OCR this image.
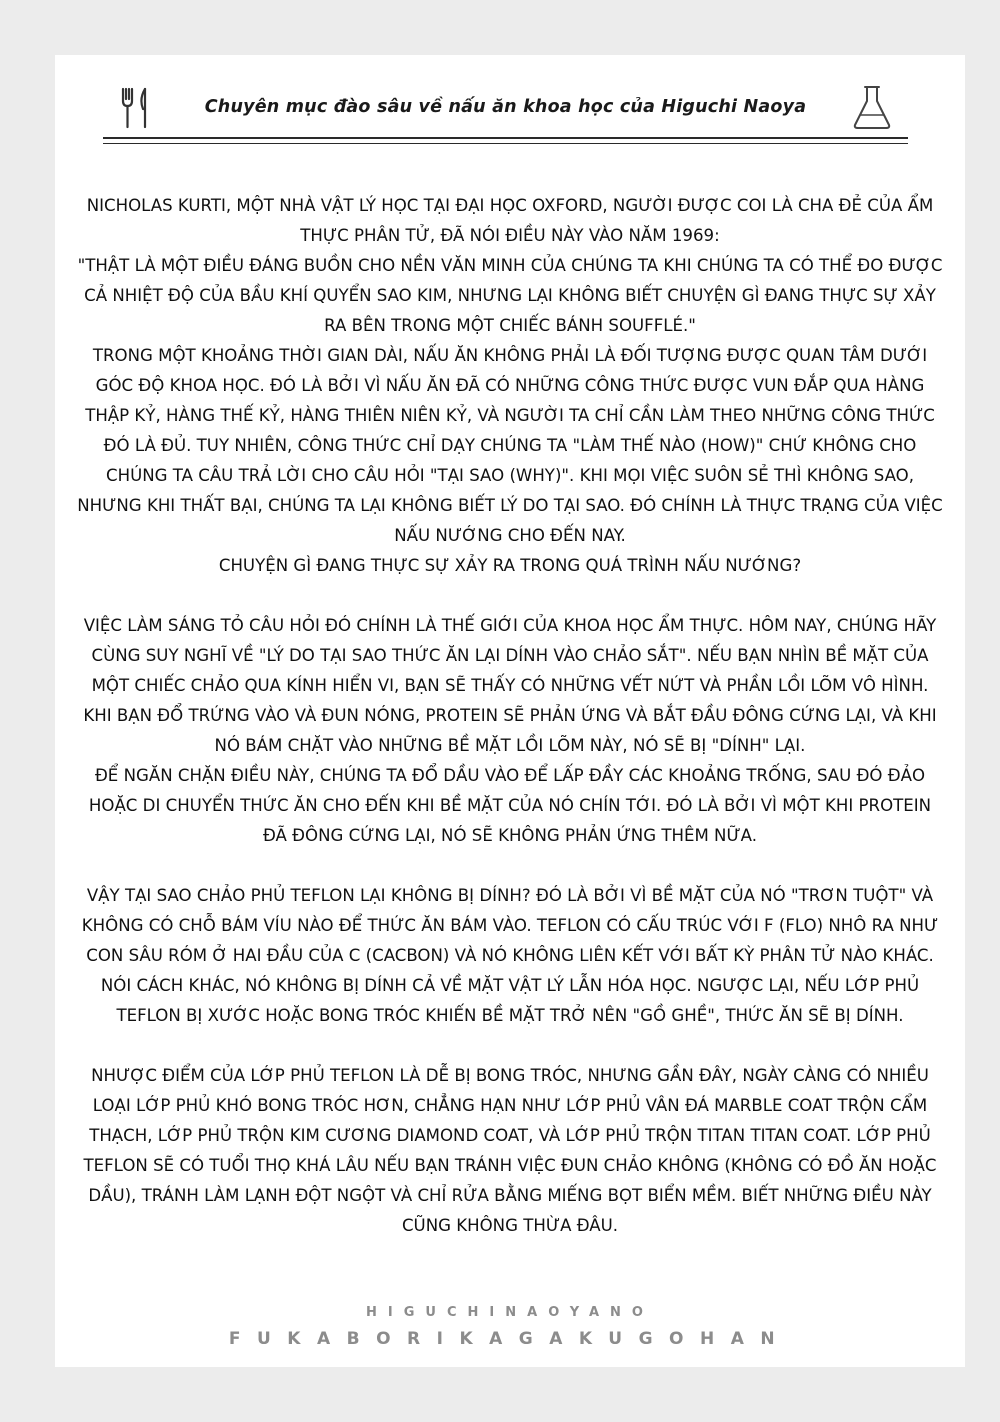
Chuyên mục đào sâu về nấu ăn khoa học của Higuchi Naoya

NICHOLAS KURTI, MỘT NHÀ VẬT LÝ HỌC TẠI ĐẠI HỌC OXFORD, NGƯỜI ĐƯỢC COI LÀ CHA ĐẺ CỦA ẨM THỰC PHÂN TỬ, ĐÃ NÓI ĐIỀU NÀY VÀO NĂM 1969:

"THẬT LÀ MỘT ĐIỀU ĐÁNG BUỒN CHO NỀN VĂN MINH CỦA CHÚNG TA KHI CHÚNG TA CÓ THỂ ĐO ĐƯỢC CẢ NHIỆT ĐỘ CỦA BẦU KHÍ QUYỂN SAO KIM, NHƯNG LẠI KHÔNG BIẾT CHUYỆN GÌ ĐANG THỰC SỰ XẢY RA BÊN TRONG MỘT CHIẾC BÁNH SOUFFLÉ."

TRONG MỘT KHOẢNG THỜI GIAN DÀI, NẤU ĂN KHÔNG PHẢI LÀ ĐỐI TƯỢNG ĐƯỢC QUAN TÂM DƯỚI GÓC ĐỘ KHOA HỌC. ĐÓ LÀ BỞI VÌ NẤU ĂN ĐÃ CÓ NHỮNG CÔNG THỨC ĐƯỢC VUN ĐẮP QUA HÀNG THẬP KỶ, HÀNG THẾ KỶ, HÀNG THIÊN NIÊN KỶ, VÀ NGƯỜI TA CHỈ CẦN LÀM THEO NHỮNG CÔNG THỨC ĐÓ LÀ ĐỦ. TUY NHIÊN, CÔNG THỨC CHỈ DẠY CHÚNG TA "LÀM THẾ NÀO (HOW)" CHỨ KHÔNG CHO CHÚNG TA CÂU TRẢ LỜI CHO CÂU HỎI "TẠI SAO (WHY)". KHI MỌI VIỆC SUÔN SẺ THÌ KHÔNG SAO, NHƯNG KHI THẤT BẠI, CHÚNG TA LẠI KHÔNG BIẾT LÝ DO TẠI SAO. ĐÓ CHÍNH LÀ THỰC TRẠNG CỦA VIỆC NẤU NƯỚNG CHO ĐẾN NAY.

CHUYỆN GÌ ĐANG THỰC SỰ XẢY RA TRONG QUÁ TRÌNH NẤU NƯỚNG?

VIỆC LÀM SÁNG TỎ CÂU HỎI ĐÓ CHÍNH LÀ THẾ GIỚI CỦA KHOA HỌC ẨM THỰC. HÔM NAY, CHÚNG HÃY CÙNG SUY NGHĨ VỀ "LÝ DO TẠI SAO THỨC ĂN LẠI DÍNH VÀO CHẢO SẮT". NẾU BẠN NHÌN BỀ MẶT CỦA MỘT CHIẾC CHẢO QUA KÍNH HIỂN VI, BẠN SẼ THẤY CÓ NHỮNG VẾT NỨT VÀ PHẦN LỒI LÕM VÔ HÌNH. KHI BẠN ĐỔ TRỨNG VÀO VÀ ĐUN NÓNG, PROTEIN SẼ PHẢN ỨNG VÀ BẮT ĐẦU ĐÔNG CỨNG LẠI, VÀ KHI NÓ BÁM CHẶT VÀO NHỮNG BỀ MẶT LỒI LÕM NÀY, NÓ SẼ BỊ "DÍNH" LẠI.

ĐỂ NGĂN CHẶN ĐIỀU NÀY, CHÚNG TA ĐỔ DẦU VÀO ĐỂ LẤP ĐẦY CÁC KHOẢNG TRỐNG, SAU ĐÓ ĐẢO HOẶC DI CHUYỂN THỨC ĂN CHO ĐẾN KHI BỀ MẶT CỦA NÓ CHÍN TỚI. ĐÓ LÀ BỞI VÌ MỘT KHI PROTEIN ĐÃ ĐÔNG CỨNG LẠI, NÓ SẼ KHÔNG PHẢN ỨNG THÊM NỮA.

VẬY TẠI SAO CHẢO PHỦ TEFLON LẠI KHÔNG BỊ DÍNH? ĐÓ LÀ BỞI VÌ BỀ MẶT CỦA NÓ "TRƠN TUỘT" VÀ KHÔNG CÓ CHỖ BÁM VÍU NÀO ĐỂ THỨC ĂN BÁM VÀO. TEFLON CÓ CẤU TRÚC VỚI F (FLO) NHÔ RA NHƯ CON SÂU RÓM Ở HAI ĐẦU CỦA C (CACBON) VÀ NÓ KHÔNG LIÊN KẾT VỚI BẤT KỲ PHÂN TỬ NÀO KHÁC. NÓI CÁCH KHÁC, NÓ KHÔNG BỊ DÍNH CẢ VỀ MẶT VẬT LÝ LẪN HÓA HỌC. NGƯỢC LẠI, NẾU LỚP PHỦ TEFLON BỊ XƯỚC HOẶC BONG TRÓC KHIẾN BỀ MẶT TRỞ NÊN "GỒ GHỀ", THỨC ĂN SẼ BỊ DÍNH.

NHƯỢC ĐIỂM CỦA LỚP PHỦ TEFLON LÀ DỄ BỊ BONG TRÓC, NHƯNG GẦN ĐÂY, NGÀY CÀNG CÓ NHIỀU LOẠI LỚP PHỦ KHÓ BONG TRÓC HƠN, CHẲNG HẠN NHƯ LỚP PHỦ VÂN ĐÁ MARBLE COAT TRỘN CẨM THẠCH, LỚP PHỦ TRỘN KIM CƯƠNG DIAMOND COAT, VÀ LỚP PHỦ TRỘN TITAN TITAN COAT. LỚP PHỦ TEFLON SẼ CÓ TUỔI THỌ KHÁ LÂU NẾU BẠN TRÁNH VIỆC ĐUN CHẢO KHÔNG (KHÔNG CÓ ĐỒ ĂN HOẶC DẦU), TRÁNH LÀM LẠNH ĐỘT NGỘT VÀ CHỈ RỬA BẰNG MIẾNG BỌT BIỂN MỀM. BIẾT NHỮNG ĐIỀU NÀY CŨNG KHÔNG THỪA ĐÂU.

HIGUCHINAOYANO
FUKABORIKAGAKUGOHAN
